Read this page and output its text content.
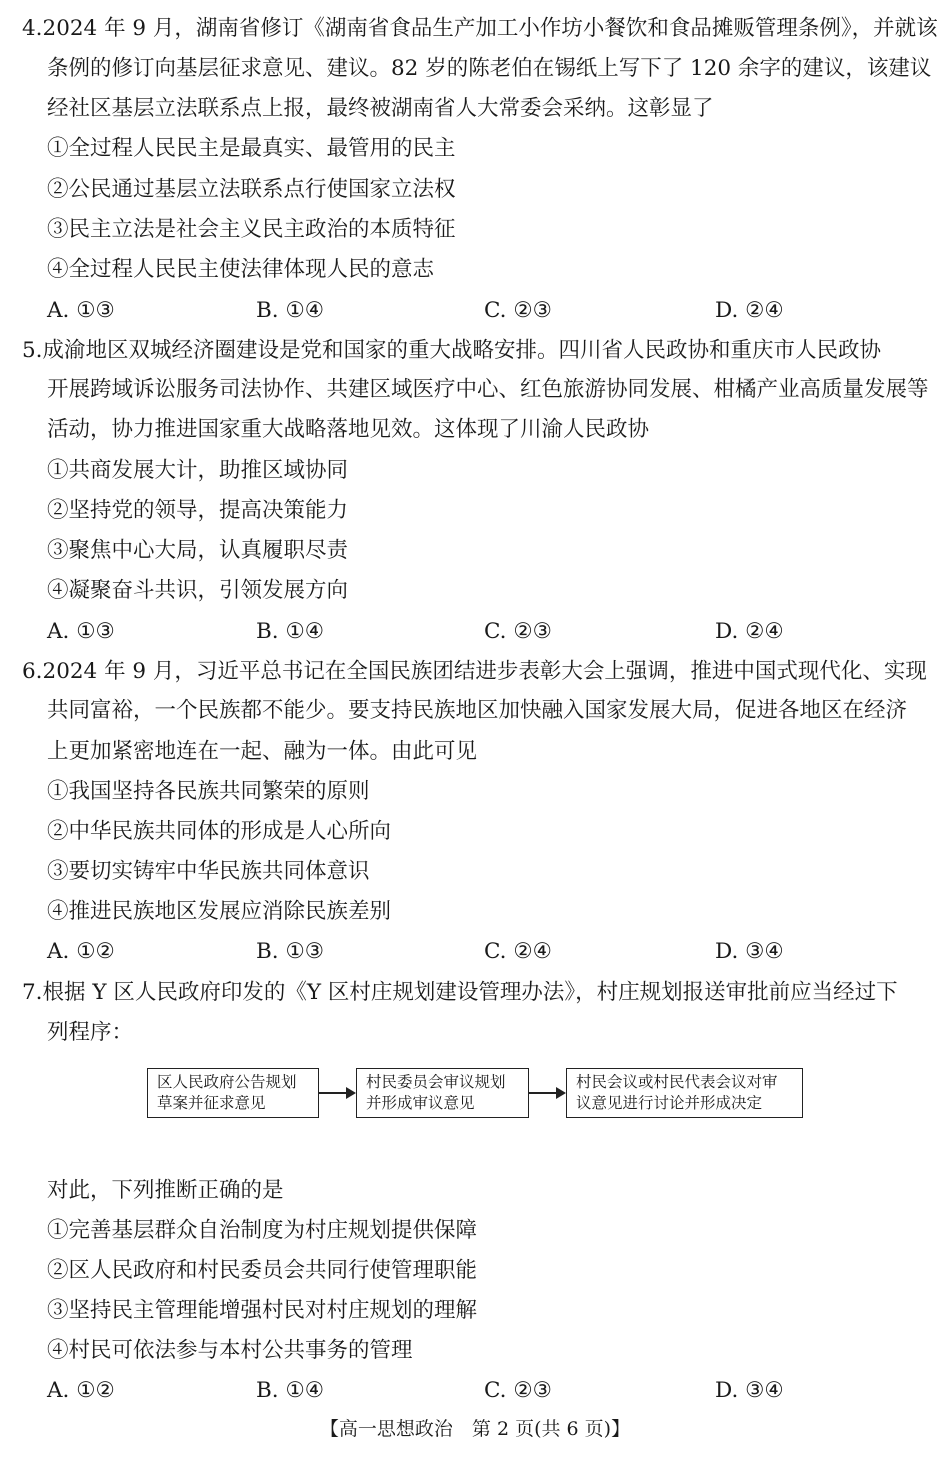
4.2024 年 9 月，湖南省修订《湖南省食品生产加工小作坊小餐饮和食品摊贩管理条例》，并就该
条例的修订向基层征求意见、建议。82 岁的陈老伯在锡纸上写下了 120 余字的建议，该建议
经社区基层立法联系点上报，最终被湖南省人大常委会采纳。这彰显了
①全过程人民民主是最真实、最管用的民主
②公民通过基层立法联系点行使国家立法权
③民主立法是社会主义民主政治的本质特征
④全过程人民民主使法律体现人民的意志
A. ①③	B. ①④	C. ②③	D. ②④
5.成渝地区双城经济圈建设是党和国家的重大战略安排。四川省人民政协和重庆市人民政协
开展跨域诉讼服务司法协作、共建区域医疗中心、红色旅游协同发展、柑橘产业高质量发展等
活动，协力推进国家重大战略落地见效。这体现了川渝人民政协
①共商发展大计，助推区域协同
②坚持党的领导，提高决策能力
③聚焦中心大局，认真履职尽责
④凝聚奋斗共识，引领发展方向
A. ①③	B. ①④	C. ②③	D. ②④
6.2024 年 9 月，习近平总书记在全国民族团结进步表彰大会上强调，推进中国式现代化、实现
共同富裕，一个民族都不能少。要支持民族地区加快融入国家发展大局，促进各地区在经济
上更加紧密地连在一起、融为一体。由此可见
①我国坚持各民族共同繁荣的原则
②中华民族共同体的形成是人心所向
③要切实铸牢中华民族共同体意识
④推进民族地区发展应消除民族差别
A. ①②	B. ①③	C. ②④	D. ③④
7.根据 Y 区人民政府印发的《Y 区村庄规划建设管理办法》，村庄规划报送审批前应当经过下
列程序：
区人民政府公告规划
草案并征求意见
村民委员会审议规划
并形成审议意见
村民会议或村民代表会议对审
议意见进行讨论并形成决定
对此，下列推断正确的是
①完善基层群众自治制度为村庄规划提供保障
②区人民政府和村民委员会共同行使管理职能
③坚持民主管理能增强村民对村庄规划的理解
④村民可依法参与本村公共事务的管理
A. ①②	B. ①④	C. ②③	D. ③④
【高一思想政治　第 2 页(共 6 页)】
